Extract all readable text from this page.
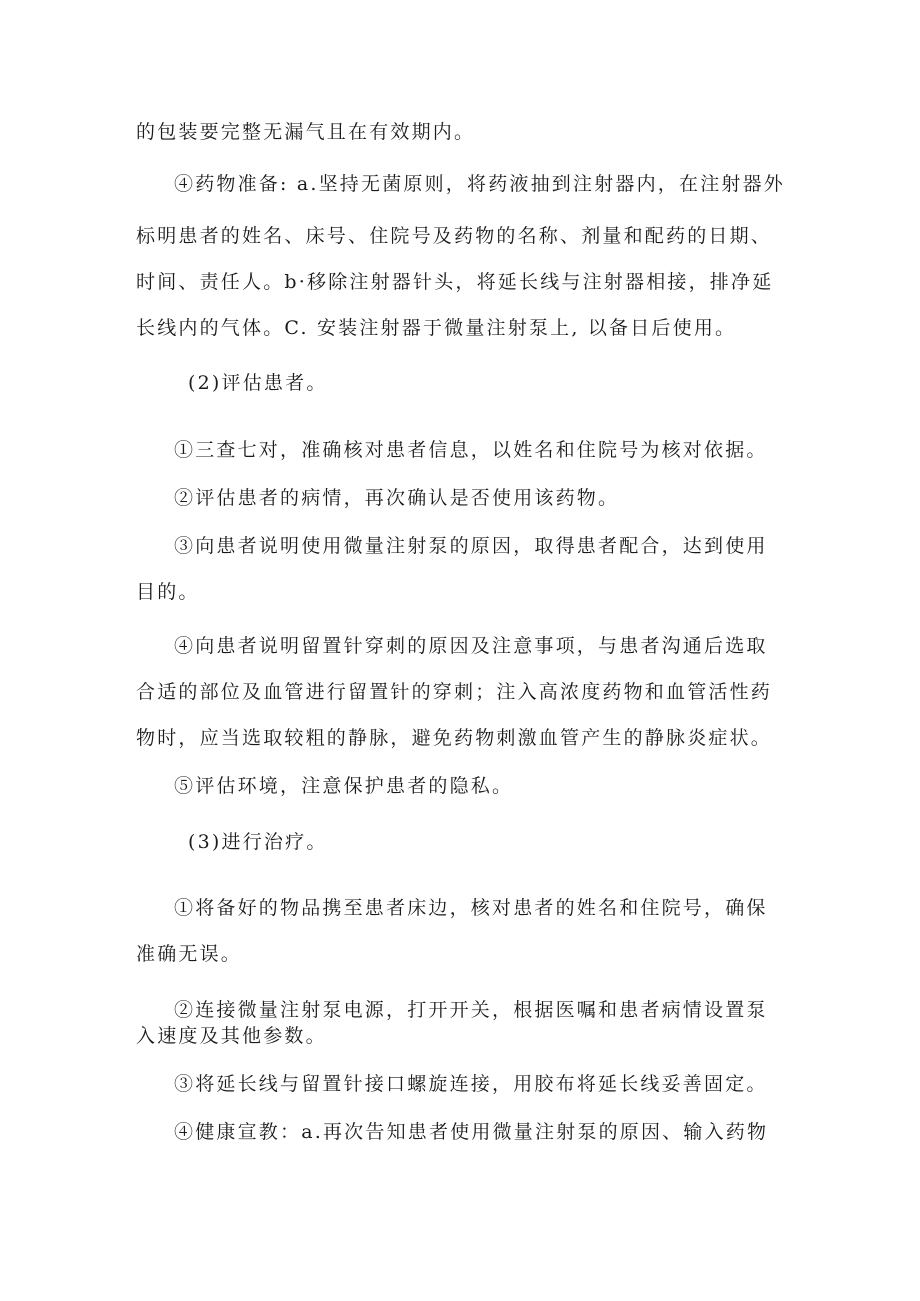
的包装要完整无漏气且在有效期内。
④药物准备: a.坚持无菌原则，将药液抽到注射器内，在注射器外
标明患者的姓名、床号、住院号及药物的名称、剂量和配药的日期、
时间、责任人。b·移除注射器针头，将延长线与注射器相接，排净延
长线内的气体。C. 安装注射器于微量注射泵上, 以备日后使用。
(2)评估患者。
①三查七对，准确核对患者信息，以姓名和住院号为核对依据。
②评估患者的病情，再次确认是否使用该药物。
③向患者说明使用微量注射泵的原因，取得患者配合，达到使用
目的。
④向患者说明留置针穿刺的原因及注意事项，与患者沟通后选取
合适的部位及血管进行留置针的穿刺；注入高浓度药物和血管活性药
物时，应当选取较粗的静脉，避免药物刺激血管产生的静脉炎症状。
⑤评估环境，注意保护患者的隐私。
(3)进行治疗。
①将备好的物品携至患者床边，核对患者的姓名和住院号，确保
准确无误。
②连接微量注射泵电源，打开开关，根据医嘱和患者病情设置泵
入速度及其他参数。
③将延长线与留置针接口螺旋连接，用胶布将延长线妥善固定。
④健康宣教：a.再次告知患者使用微量注射泵的原因、输入药物
